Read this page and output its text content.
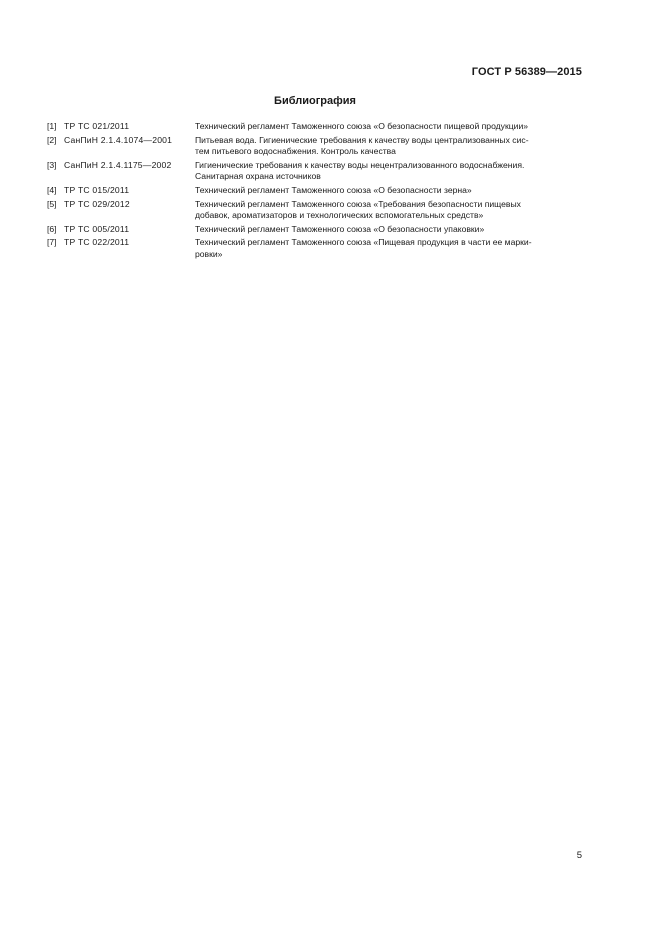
ГОСТ Р 56389—2015
Библиография
[1] ТР ТС 021/2011	Технический регламент Таможенного союза «О безопасности пищевой продукции»
[2] СанПиН 2.1.4.1074—2001	Питьевая вода. Гигиенические требования к качеству воды централизованных сис-
тем питьевого водоснабжения. Контроль качества
[3] СанПиН 2.1.4.1175—2002	Гигиенические требования к качеству воды нецентрализованного водоснабжения.
Санитарная охрана источников
[4] ТР ТС 015/2011	Технический регламент Таможенного союза «О безопасности зерна»
[5] ТР ТС 029/2012	Технический регламент Таможенного союза «Требования безопасности пищевых
добавок, ароматизаторов и технологических вспомогательных средств»
[6] ТР ТС 005/2011	Технический регламент Таможенного союза «О безопасности упаковки»
[7] ТР ТС 022/2011	Технический регламент Таможенного союза «Пищевая продукция в части ее марки-
ровки»
5
